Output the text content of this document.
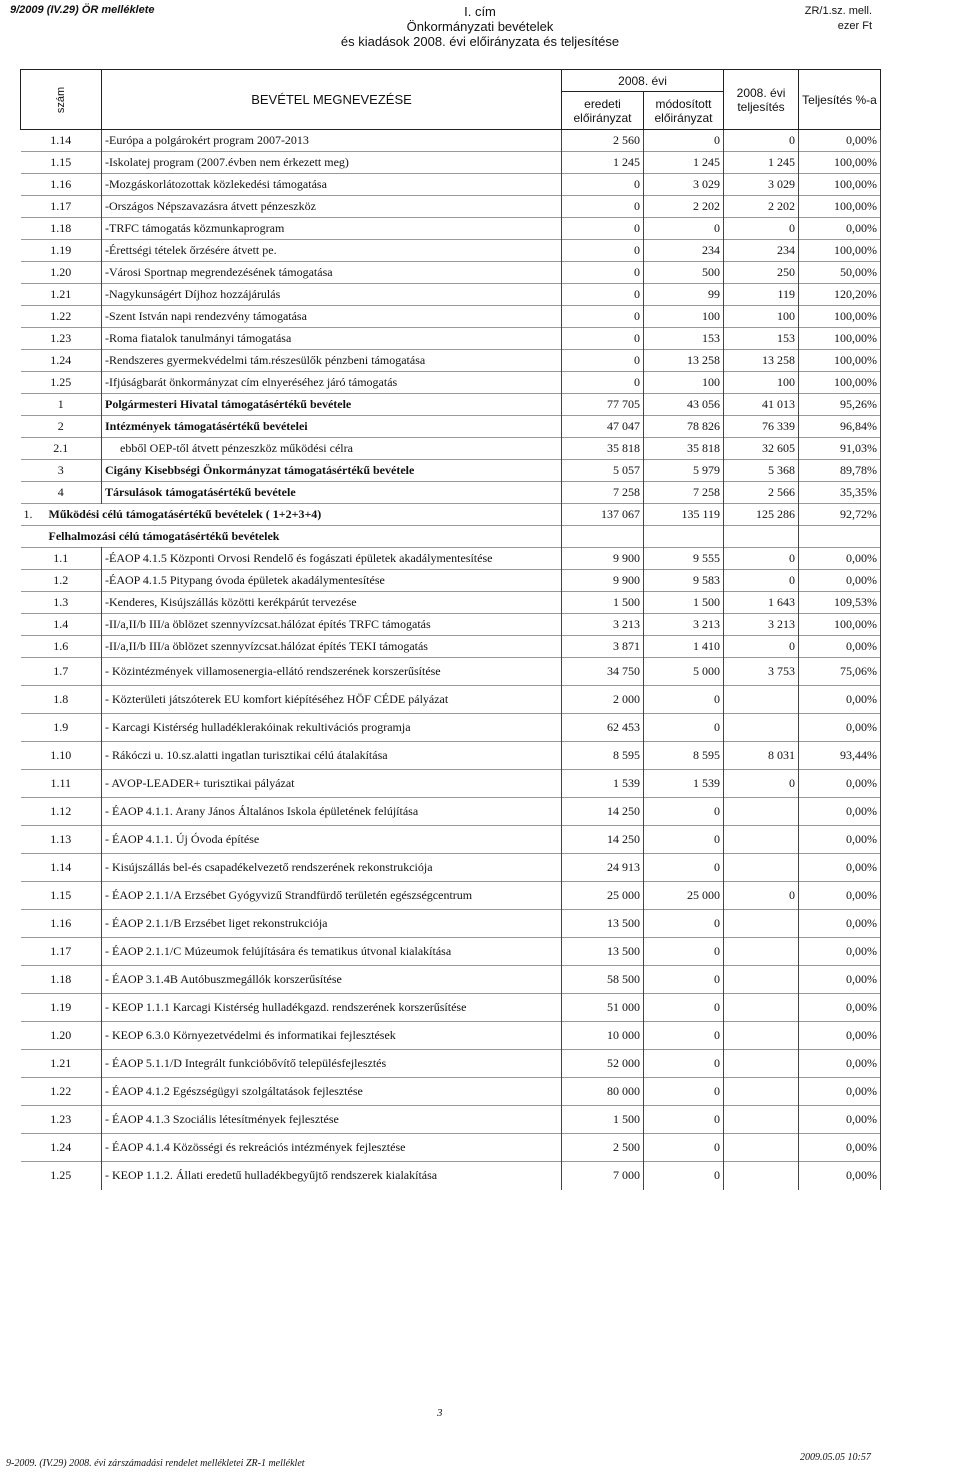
9/2009 (IV.29) ÖR melléklete	I. cím
Önkormányzati bevételek
és kiadások 2008. évi előirányzata és teljesítése
ZR/1.sz. mell.
ezer Ft
szám	BEVÉTEL MEGNEVEZÉSE	2008. évi	2008. évi teljesítés	Teljesítés %-a
eredeti előirányzat	módosított előirányzat
1.14	-Európa a polgárokért program 2007-2013	2 560	0	0	0,00%
1.15	-Iskolatej program (2007.évben nem érkezett meg)	1 245	1 245	1 245	100,00%
1.16	-Mozgáskorlátozottak közlekedési támogatása	0	3 029	3 029	100,00%
1.17	-Országos Népszavazásra átvett pénzeszköz	0	2 202	2 202	100,00%
1.18	-TRFC támogatás közmunkaprogram	0	0	0	0,00%
1.19	-Érettségi tételek őrzésére átvett pe.	0	234	234	100,00%
1.20	-Városi Sportnap megrendezésének támogatása	0	500	250	50,00%
1.21	-Nagykunságért Díjhoz hozzájárulás	0	99	119	120,20%
1.22	-Szent István napi rendezvény támogatása	0	100	100	100,00%
1.23	-Roma fiatalok tanulmányi támogatása	0	153	153	100,00%
1.24	-Rendszeres gyermekvédelmi tám.részesülők pénzbeni támogatása	0	13 258	13 258	100,00%
1.25	-Ifjúságbarát önkormányzat cím elnyeréséhez járó támogatás	0	100	100	100,00%
1	Polgármesteri Hivatal támogatásértékű bevétele	77 705	43 056	41 013	95,26%
2	Intézmények támogatásértékű bevételei	47 047	78 826	76 339	96,84%
2.1	ebből OEP-től átvett pénzeszköz működési célra	35 818	35 818	32 605	91,03%
3	Cigány Kisebbségi Önkormányzat támogatásértékű bevétele	5 057	5 979	5 368	89,78%
4	Társulások támogatásértékű bevétele	7 258	7 258	2 566	35,35%
1.	Működési célú támogatásértékű bevételek ( 1+2+3+4)	137 067	135 119	125 286	92,72%
	Felhalmozási célú támogatásértékű bevételek				
1.1	-ÉAOP 4.1.5 Központi Orvosi Rendelő és fogászati épületek akadálymentesítése	9 900	9 555	0	0,00%
1.2	-ÉAOP 4.1.5 Pitypang óvoda épületek akadálymentesítése	9 900	9 583	0	0,00%
1.3	-Kenderes, Kisújszállás közötti kerékpárút tervezése	1 500	1 500	1 643	109,53%
1.4	-II/a,II/b III/a öblözet szennyvízcsat.hálózat építés TRFC támogatás	3 213	3 213	3 213	100,00%
1.6	-II/a,II/b III/a öblözet szennyvízcsat.hálózat építés TEKI támogatás	3 871	1 410	0	0,00%
1.7	- Közintézmények villamosenergia-ellátó rendszerének korszerűsítése	34 750	5 000	3 753	75,06%
1.8	- Közterületi játszóterek EU komfort kiépítéséhez HÖF CÉDE pályázat	2 000	0		0,00%
1.9	- Karcagi Kistérség hulladéklerakóinak rekultivációs programja	62 453	0		0,00%
1.10	- Rákóczi u. 10.sz.alatti ingatlan turisztikai célú átalakítása	8 595	8 595	8 031	93,44%
1.11	- AVOP-LEADER+ turisztikai pályázat	1 539	1 539	0	0,00%
1.12	- ÉAOP 4.1.1. Arany János Általános Iskola épületének felújítása	14 250	0		0,00%
1.13	- ÉAOP 4.1.1. Új Óvoda építése	14 250	0		0,00%
1.14	- Kisújszállás bel-és csapadékelvezető rendszerének rekonstrukciója	24 913	0		0,00%
1.15	- ÉAOP 2.1.1/A Erzsébet Gyógyvizű Strandfürdő területén egészségcentrum	25 000	25 000	0	0,00%
1.16	- ÉAOP 2.1.1/B Erzsébet liget rekonstrukciója	13 500	0		0,00%
1.17	- ÉAOP 2.1.1/C Múzeumok felújítására és tematikus útvonal kialakítása	13 500	0		0,00%
1.18	- ÉAOP 3.1.4B Autóbuszmegállók korszerűsítése	58 500	0		0,00%
1.19	- KEOP 1.1.1 Karcagi Kistérség hulladékgazd. rendszerének korszerűsítése	51 000	0		0,00%
1.20	- KEOP 6.3.0 Környezetvédelmi és informatikai fejlesztések	10 000	0		0,00%
1.21	- ÉAOP 5.1.1/D Integrált funkcióbővítő településfejlesztés	52 000	0		0,00%
1.22	- ÉAOP 4.1.2 Egészségügyi szolgáltatások fejlesztése	80 000	0		0,00%
1.23	- ÉAOP 4.1.3 Szociális létesítmények fejlesztése	1 500	0		0,00%
1.24	- ÉAOP 4.1.4 Közösségi és rekreációs intézmények fejlesztése	2 500	0		0,00%
1.25	- KEOP 1.1.2. Állati eredetű hulladékbegyűjtő rendszerek kialakítása	7 000	0		0,00%
3
9-2009. (IV.29) 2008. évi zárszámadási rendelet mellékletei ZR-1 melléklet
2009.05.05 10:57
